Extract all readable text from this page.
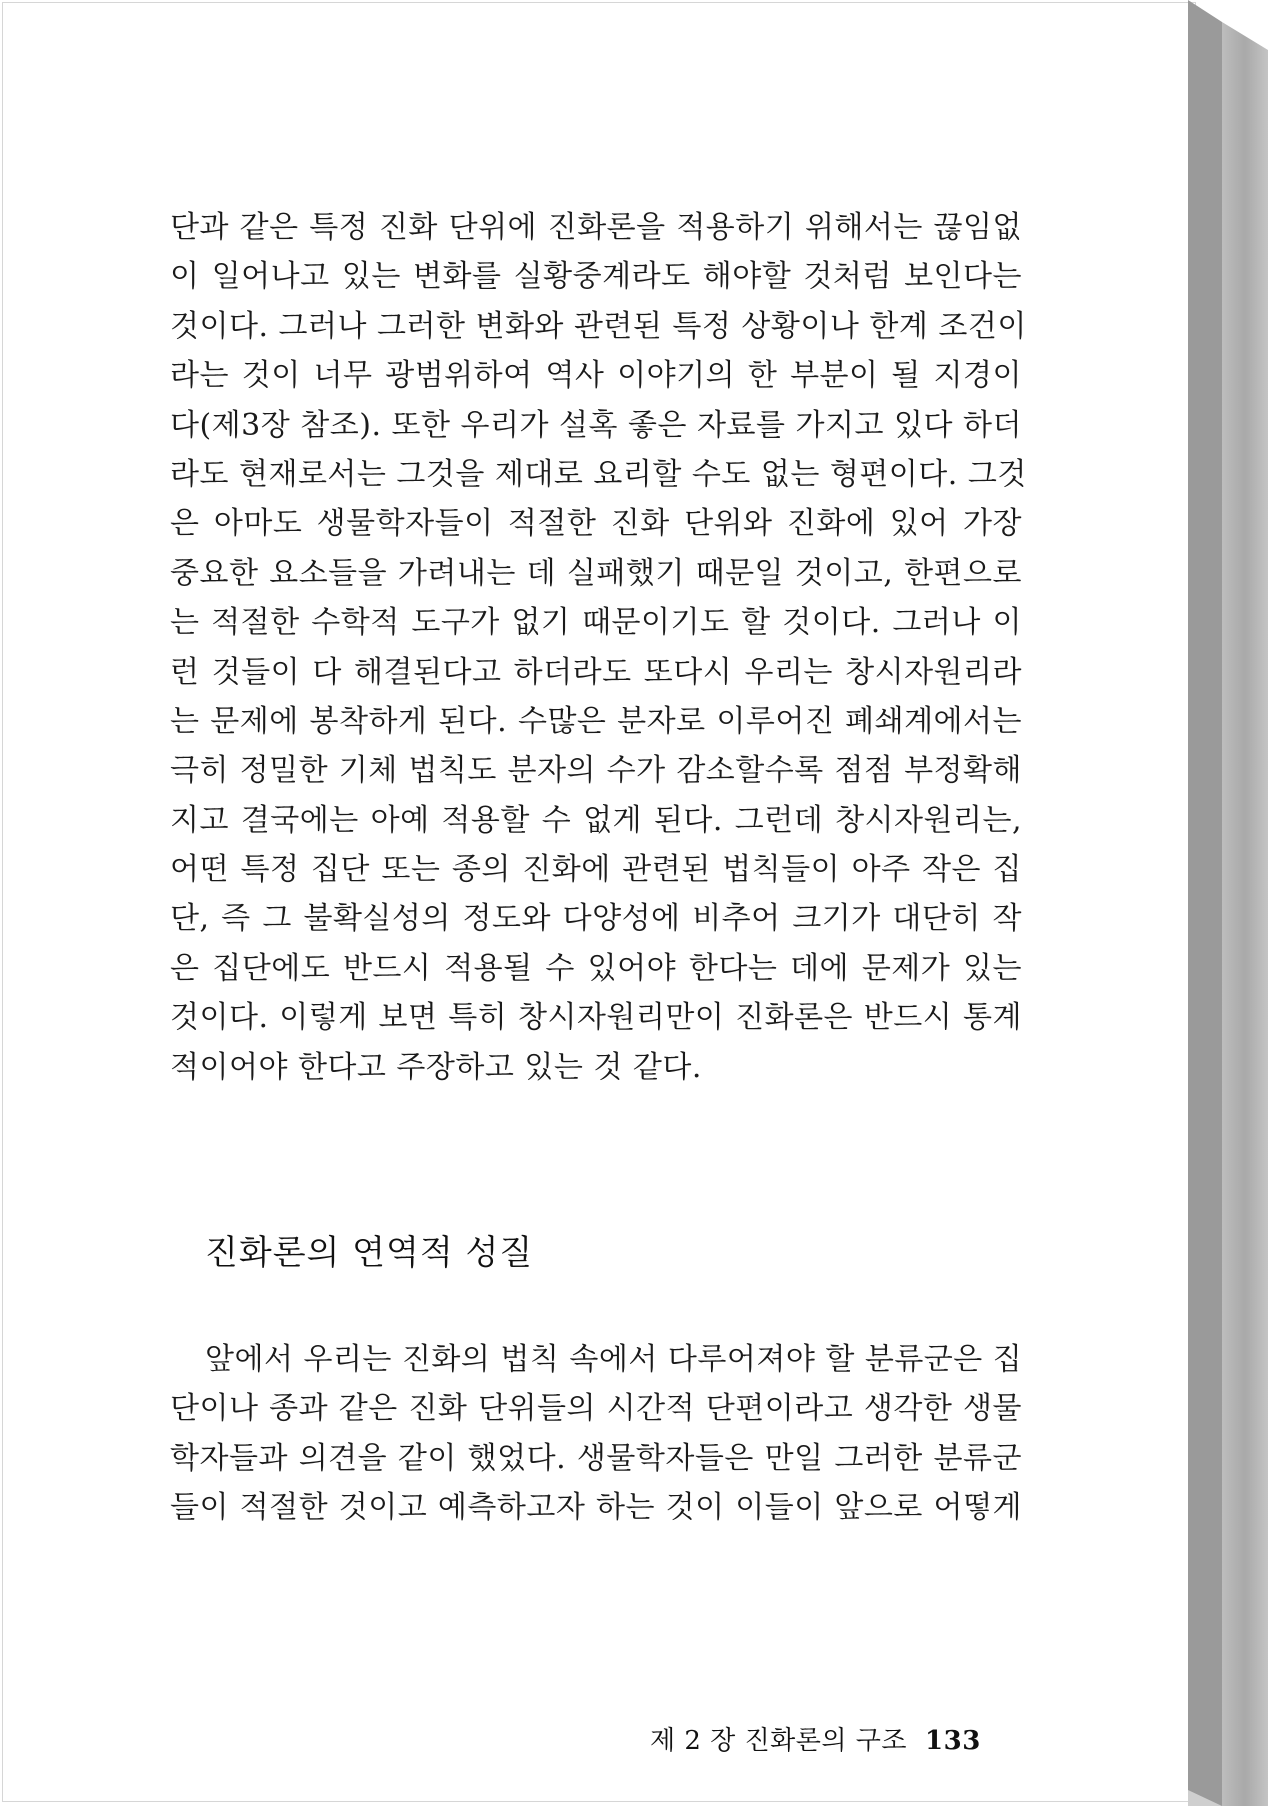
단과 같은 특정 진화 단위에 진화론을 적용하기 위해서는 끊임없
이 일어나고 있는 변화를 실황중계라도 해야할 것처럼 보인다는
것이다. 그러나 그러한 변화와 관련된 특정 상황이나 한계 조건이
라는 것이 너무 광범위하여 역사 이야기의 한 부분이 될 지경이
다(제3장 참조). 또한 우리가 설혹 좋은 자료를 가지고 있다 하더
라도 현재로서는 그것을 제대로 요리할 수도 없는 형편이다. 그것
은 아마도 생물학자들이 적절한 진화 단위와 진화에 있어 가장
중요한 요소들을 가려내는 데 실패했기 때문일 것이고, 한편으로
는 적절한 수학적 도구가 없기 때문이기도 할 것이다. 그러나 이
런 것들이 다 해결된다고 하더라도 또다시 우리는 창시자원리라
는 문제에 봉착하게 된다. 수많은 분자로 이루어진 폐쇄계에서는
극히 정밀한 기체 법칙도 분자의 수가 감소할수록 점점 부정확해
지고 결국에는 아예 적용할 수 없게 된다. 그런데 창시자원리는,
어떤 특정 집단 또는 종의 진화에 관련된 법칙들이 아주 작은 집
단, 즉 그 불확실성의 정도와 다양성에 비추어 크기가 대단히 작
은 집단에도 반드시 적용될 수 있어야 한다는 데에 문제가 있는
것이다. 이렇게 보면 특히 창시자원리만이 진화론은 반드시 통계
적이어야 한다고 주장하고 있는 것 같다.
진화론의 연역적 성질
앞에서 우리는 진화의 법칙 속에서 다루어져야 할 분류군은 집
단이나 종과 같은 진화 단위들의 시간적 단편이라고 생각한 생물
학자들과 의견을 같이 했었다. 생물학자들은 만일 그러한 분류군
들이 적절한 것이고 예측하고자 하는 것이 이들이 앞으로 어떻게
제 2 장 진화론의 구조 133
